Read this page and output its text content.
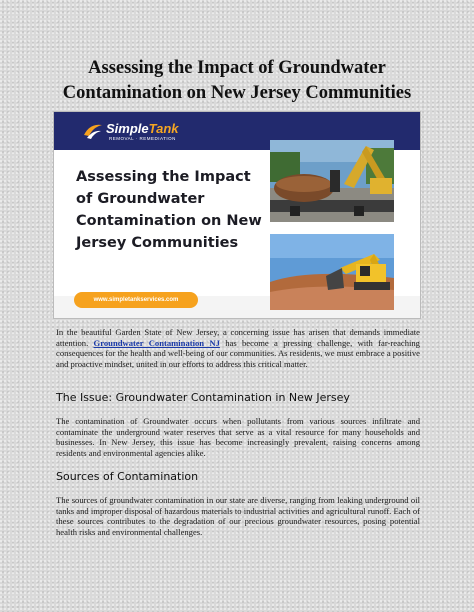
Assessing the Impact of Groundwater Contamination on New Jersey Communities
SimpleTank
REMOVAL · REMEDIATION
Assessing the Impact of Groundwater Contamination on New Jersey Communities
www.simpletankservices.com
In the beautiful Garden State of New Jersey, a concerning issue has arisen that demands immediate attention. Groundwater Contamination NJ has become a pressing challenge, with far-reaching consequences for the health and well-being of our communities. As residents, we must embrace a positive and proactive mindset, united in our efforts to address this critical matter.
The Issue: Groundwater Contamination in New Jersey
The contamination of Groundwater occurs when pollutants from various sources infiltrate and contaminate the underground water reserves that serve as a vital resource for many households and businesses. In New Jersey, this issue has become increasingly prevalent, raising concerns among residents and environmental agencies alike.
Sources of Contamination
The sources of groundwater contamination in our state are diverse, ranging from leaking underground oil tanks and improper disposal of hazardous materials to industrial activities and agricultural runoff. Each of these sources contributes to the degradation of our precious groundwater resources, posing potential health risks and environmental challenges.
